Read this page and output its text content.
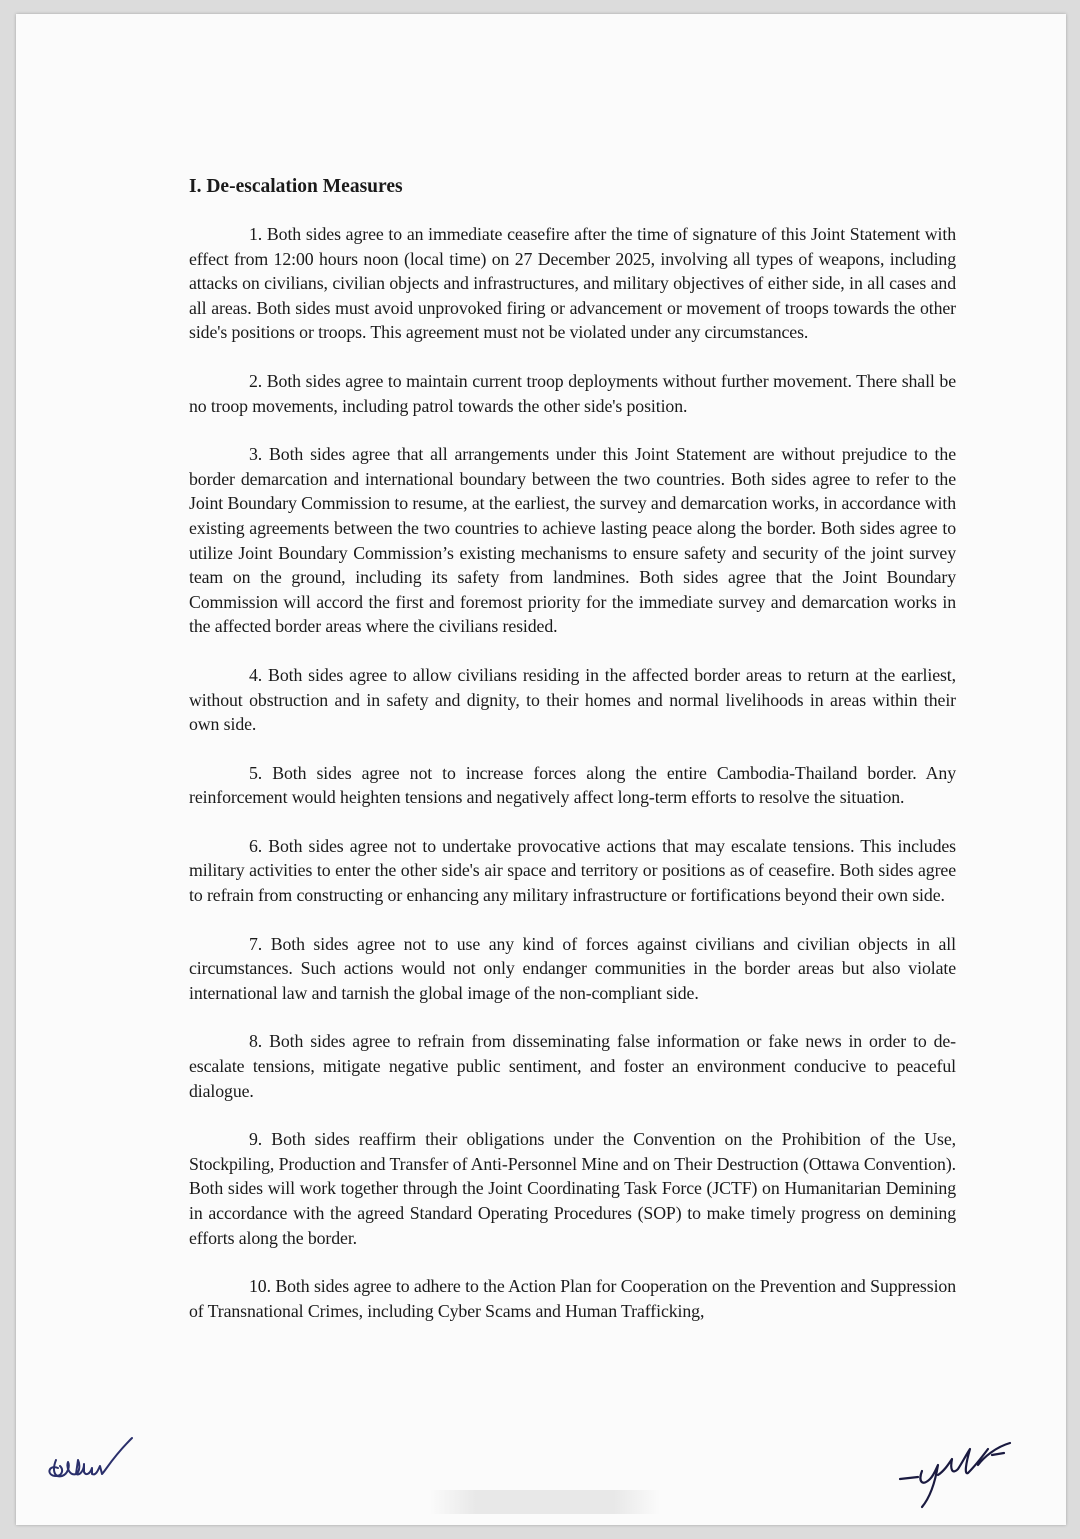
I. De-escalation Measures

1. Both sides agree to an immediate ceasefire after the time of signature of this Joint Statement with effect from 12:00 hours noon (local time) on 27 December 2025, involving all types of weapons, including attacks on civilians, civilian objects and infrastructures, and military objectives of either side, in all cases and all areas. Both sides must avoid unprovoked firing or advancement or movement of troops towards the other side's positions or troops. This agreement must not be violated under any circumstances.

2. Both sides agree to maintain current troop deployments without further movement. There shall be no troop movements, including patrol towards the other side's position.

3. Both sides agree that all arrangements under this Joint Statement are without prejudice to the border demarcation and international boundary between the two countries. Both sides agree to refer to the Joint Boundary Commission to resume, at the earliest, the survey and demarcation works, in accordance with existing agreements between the two countries to achieve lasting peace along the border. Both sides agree to utilize Joint Boundary Commission’s existing mechanisms to ensure safety and security of the joint survey team on the ground, including its safety from landmines. Both sides agree that the Joint Boundary Commission will accord the first and foremost priority for the immediate survey and demarcation works in the affected border areas where the civilians resided.

4. Both sides agree to allow civilians residing in the affected border areas to return at the earliest, without obstruction and in safety and dignity, to their homes and normal livelihoods in areas within their own side.

5. Both sides agree not to increase forces along the entire Cambodia-Thailand border. Any reinforcement would heighten tensions and negatively affect long-term efforts to resolve the situation.

6. Both sides agree not to undertake provocative actions that may escalate tensions. This includes military activities to enter the other side's air space and territory or positions as of ceasefire. Both sides agree to refrain from constructing or enhancing any military infrastructure or fortifications beyond their own side.

7. Both sides agree not to use any kind of forces against civilians and civilian objects in all circumstances. Such actions would not only endanger communities in the border areas but also violate international law and tarnish the global image of the non-compliant side.

8. Both sides agree to refrain from disseminating false information or fake news in order to de-escalate tensions, mitigate negative public sentiment, and foster an environment conducive to peaceful dialogue.

9. Both sides reaffirm their obligations under the Convention on the Prohibition of the Use, Stockpiling, Production and Transfer of Anti-Personnel Mine and on Their Destruction (Ottawa Convention). Both sides will work together through the Joint Coordinating Task Force (JCTF) on Humanitarian Demining in accordance with the agreed Standard Operating Procedures (SOP) to make timely progress on demining efforts along the border.

10. Both sides agree to adhere to the Action Plan for Cooperation on the Prevention and Suppression of Transnational Crimes, including Cyber Scams and Human Trafficking,
